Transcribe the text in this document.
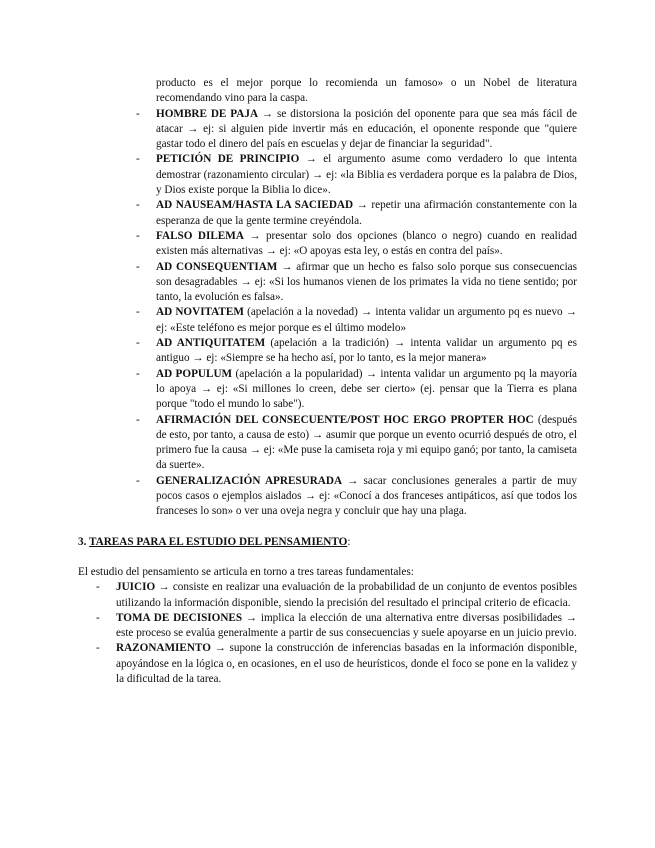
producto es el mejor porque lo recomienda un famoso» o un Nobel de literatura recomendando vino para la caspa.
-	HOMBRE DE PAJA → se distorsiona la posición del oponente para que sea más fácil de atacar → ej: si alguien pide invertir más en educación, el oponente responde que "quiere gastar todo el dinero del país en escuelas y dejar de financiar la seguridad".
-	PETICIÓN DE PRINCIPIO → el argumento asume como verdadero lo que intenta demostrar (razonamiento circular) → ej: «la Biblia es verdadera porque es la palabra de Dios, y Dios existe porque la Biblia lo dice».
-	AD NAUSEAM/HASTA LA SACIEDAD → repetir una afirmación constantemente con la esperanza de que la gente termine creyéndola.
-	FALSO DILEMA → presentar solo dos opciones (blanco o negro) cuando en realidad existen más alternativas → ej: «O apoyas esta ley, o estás en contra del país».
-	AD CONSEQUENTIAM → afirmar que un hecho es falso solo porque sus consecuencias son desagradables → ej: «Si los humanos vienen de los primates la vida no tiene sentido; por tanto, la evolución es falsa».
-	AD NOVITATEM (apelación a la novedad) → intenta validar un argumento pq es nuevo → ej: «Este teléfono es mejor porque es el último modelo»
-	AD ANTIQUITATEM (apelación a la tradición) → intenta validar un argumento pq es antiguo → ej: «Siempre se ha hecho así, por lo tanto, es la mejor manera»
-	AD POPULUM (apelación a la popularidad) → intenta validar un argumento pq la mayoría lo apoya → ej: «Si millones lo creen, debe ser cierto» (ej. pensar que la Tierra es plana porque "todo el mundo lo sabe").
-	AFIRMACIÓN DEL CONSECUENTE/POST HOC ERGO PROPTER HOC (después de esto, por tanto, a causa de esto) → asumir que porque un evento ocurrió después de otro, el primero fue la causa → ej: «Me puse la camiseta roja y mi equipo ganó; por tanto, la camiseta da suerte».
-	GENERALIZACIÓN APRESURADA → sacar conclusiones generales a partir de muy pocos casos o ejemplos aislados → ej: «Conocí a dos franceses antipáticos, así que todos los franceses lo son» o ver una oveja negra y concluir que hay una plaga.
3. TAREAS PARA EL ESTUDIO DEL PENSAMIENTO:
El estudio del pensamiento se articula en torno a tres tareas fundamentales:
-	JUICIO → consiste en realizar una evaluación de la probabilidad de un conjunto de eventos posibles utilizando la información disponible, siendo la precisión del resultado el principal criterio de eficacia.
-	TOMA DE DECISIONES → implica la elección de una alternativa entre diversas posibilidades → este proceso se evalúa generalmente a partir de sus consecuencias y suele apoyarse en un juicio previo.
-	RAZONAMIENTO → supone la construcción de inferencias basadas en la información disponible, apoyándose en la lógica o, en ocasiones, en el uso de heurísticos, donde el foco se pone en la validez y la dificultad de la tarea.
